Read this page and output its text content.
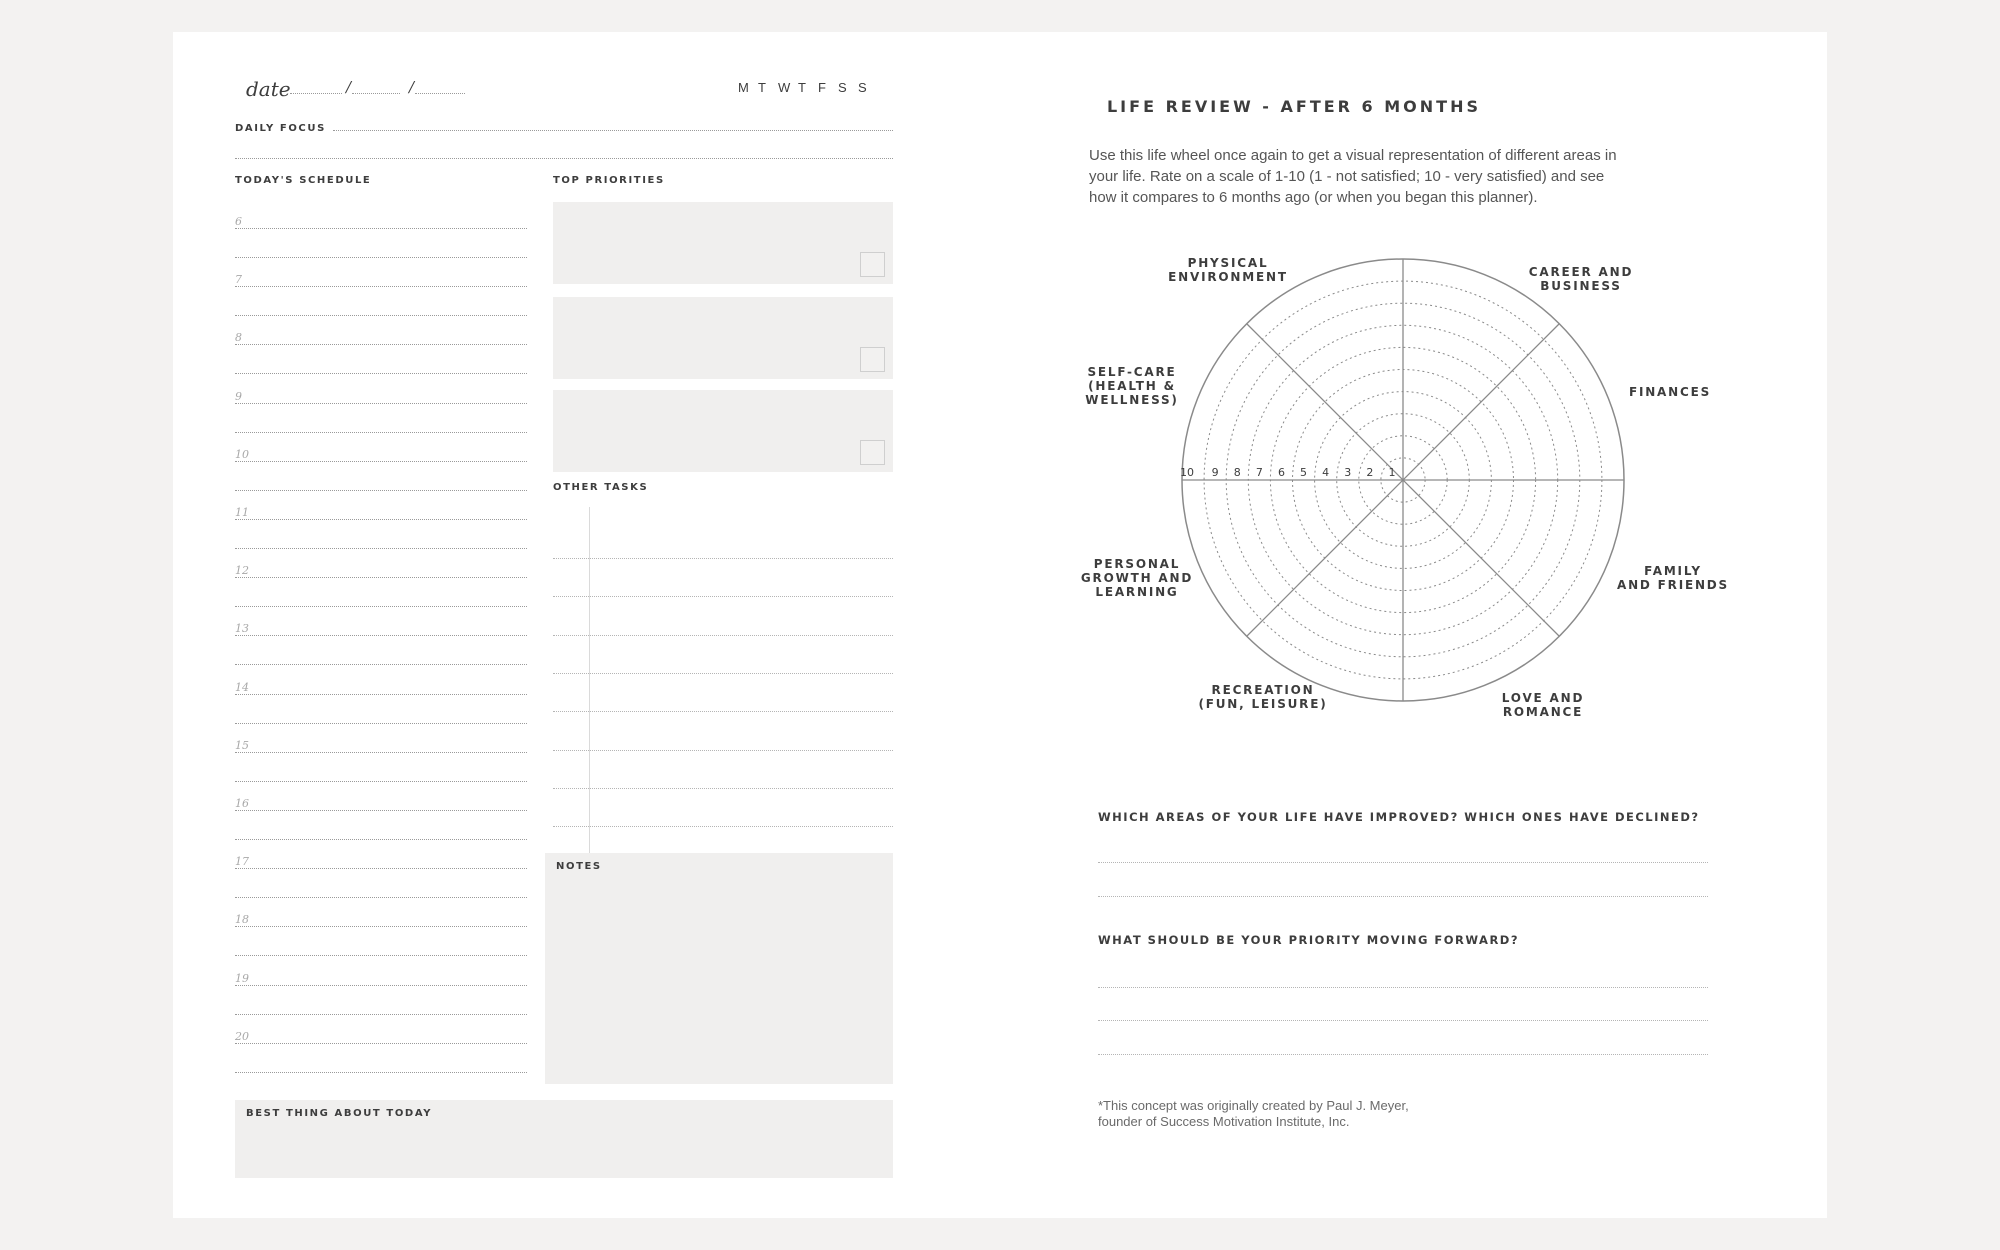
date	/	/	M T W T F S S
DAILY FOCUS
TODAY'S SCHEDULE
6
7
8
9
10
11
12
13
14
15
16
17
18
19
20
TOP PRIORITIES
OTHER TASKS
NOTES
BEST THING ABOUT TODAY
LIFE REVIEW - AFTER 6 MONTHS
Use this life wheel once again to get a visual representation of different areas in
your life. Rate on a scale of 1-10 (1 - not satisfied; 10 - very satisfied) and see
how it compares to 6 months ago (or when you began this planner).
10 9 8 7 6 5 4 3 2 1
PHYSICAL
ENVIRONMENT	CAREER AND
BUSINESS
FINANCES
FAMILY
AND FRIENDS
LOVE AND
ROMANCE
RECREATION
(FUN, LEISURE)
PERSONAL
GROWTH AND
LEARNING
SELF-CARE
(HEALTH &
WELLNESS)
WHICH AREAS OF YOUR LIFE HAVE IMPROVED? WHICH ONES HAVE DECLINED?
WHAT SHOULD BE YOUR PRIORITY MOVING FORWARD?
*This concept was originally created by Paul J. Meyer,
founder of Success Motivation Institute, Inc.
